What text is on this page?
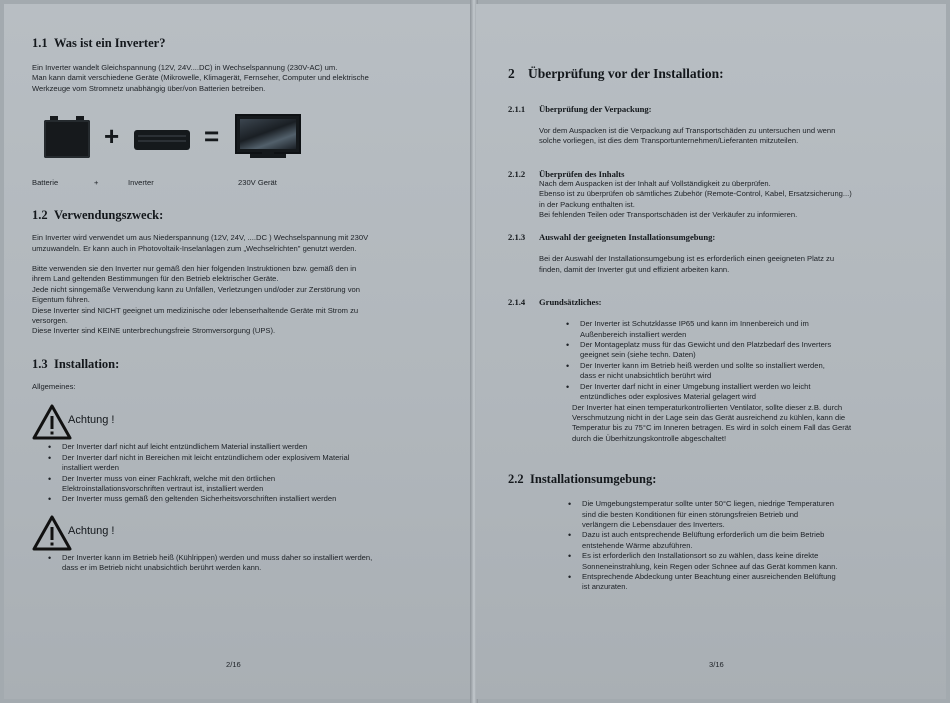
1.1 Was ist ein Inverter?

Ein Inverter wandelt Gleichspannung (12V, 24V....DC) in Wechselspannung (230V-AC) um.
Man kann damit verschiedene Geräte (Mikrowelle, Klimagerät, Fernseher, Computer und elektrische
Werkzeuge vom Stromnetz unabhängig über/von Batterien betreiben.

+	=
Batterie	+	Inverter	230V Gerät
1.2 Verwendungszweck:

Ein Inverter wird verwendet um aus Niederspannung (12V, 24V, ....DC ) Wechselspannung mit 230V
umzuwandeln. Er kann auch in Photovoltaik-Inselanlagen zum „Wechselrichten" genutzt werden.

Bitte verwenden sie den Inverter nur gemäß den hier folgenden Instruktionen bzw. gemäß den in
ihrem Land geltenden Bestimmungen für den Betrieb elektrischer Geräte.
Jede nicht sinngemäße Verwendung kann zu Unfällen, Verletzungen und/oder zur Zerstörung von
Eigentum führen.
Diese Inverter sind NICHT geeignet um medizinische oder lebenserhaltende Geräte mit Strom zu
versorgen.
Diese Inverter sind KEINE unterbrechungsfreie Stromversorgung (UPS).

1.3 Installation:

Allgemeines:

Achtung !
• Der Inverter darf nicht auf leicht entzündlichem Material installiert werden
• Der Inverter darf nicht in Bereichen mit leicht entzündlichem oder explosivem Material
installiert werden
• Der Inverter muss von einer Fachkraft, welche mit den örtlichen
Elektroinstallationsvorschriften vertraut ist, installiert werden
• Der Inverter muss gemäß den geltenden Sicherheitsvorschriften installiert werden
Achtung !
• Der Inverter kann im Betrieb heiß (Kühlrippen) werden und muss daher so installiert werden,
dass er im Betrieb nicht unabsichtlich berührt werden kann.
2/16
2 Überprüfung vor der Installation:
2.1.1 Überprüfung der Verpackung:

Vor dem Auspacken ist die Verpackung auf Transportschäden zu untersuchen und wenn
solche vorliegen, ist dies dem Transportunternehmen/Lieferanten mitzuteilen.

2.1.2 Überprüfen des Inhalts

Nach dem Auspacken ist der Inhalt auf Vollständigkeit zu überprüfen.
Ebenso ist zu überprüfen ob sämtliches Zubehör (Remote-Control, Kabel, Ersatzsicherung...)
in der Packung enthalten ist.
Bei fehlenden Teilen oder Transportschäden ist der Verkäufer zu informieren.

2.1.3 Auswahl der geeigneten Installationsumgebung:

Bei der Auswahl der Installationsumgebung ist es erforderlich einen geeigneten Platz zu
finden, damit der Inverter gut und effizient arbeiten kann.

2.1.4 Grundsätzliches:
• Der Inverter ist Schutzklasse IP65 und kann im Innenbereich und im
Außenbereich installiert werden
• Der Montageplatz muss für das Gewicht und den Platzbedarf des Inverters
geeignet sein (siehe techn. Daten)
• Der Inverter kann im Betrieb heiß werden und sollte so installiert werden,
dass er nicht unabsichtlich berührt wird
• Der Inverter darf nicht in einer Umgebung installiert werden wo leicht
entzündliches oder explosives Material gelagert wird

Der Inverter hat einen temperaturkontrollierten Ventilator, sollte dieser z.B. durch
Verschmutzung nicht in der Lage sein das Gerät ausreichend zu kühlen, kann die
Temperatur bis zu 75°C im Inneren betragen. Es wird in solch einem Fall das Gerät
durch die Überhitzungskontrolle abgeschaltet!

2.2 Installationsumgebung:
• Die Umgebungstemperatur sollte unter 50°C liegen, niedrige Temperaturen
sind die besten Konditionen für einen störungsfreien Betrieb und
verlängern die Lebensdauer des Inverters.
• Dazu ist auch entsprechende Belüftung erforderlich um die beim Betrieb
entstehende Wärme abzuführen.
• Es ist erforderlich den Installationsort so zu wählen, dass keine direkte
Sonneneinstrahlung, kein Regen oder Schnee auf das Gerät kommen kann.
• Entsprechende Abdeckung unter Beachtung einer ausreichenden Belüftung
ist anzuraten.
3/16
